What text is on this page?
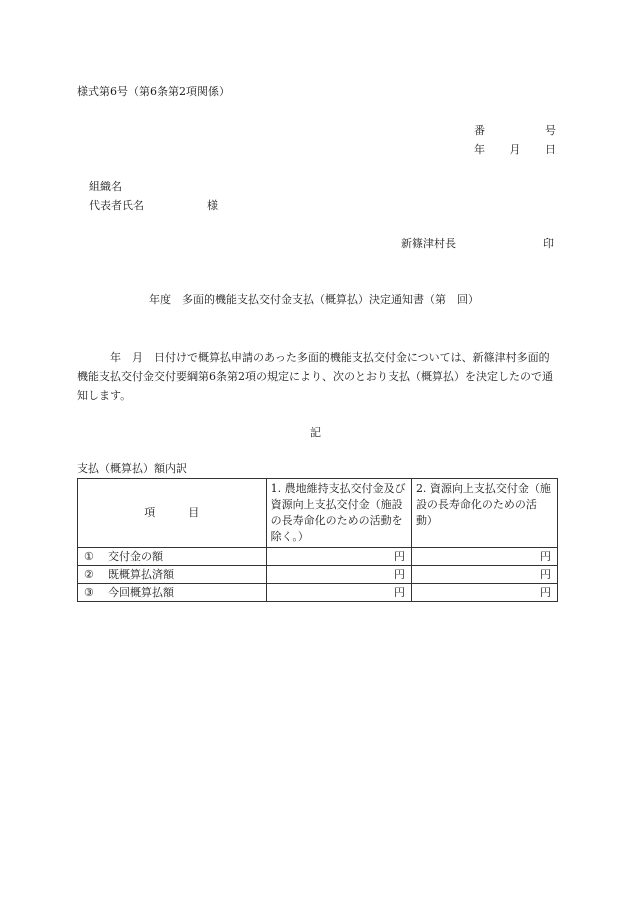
様式第6号（第6条第2項関係）
番	号
年 月 日
組織名
代表者氏名	様
新篠津村長	印
年度　多面的機能支払交付金支払（概算払）決定通知書（第　回）
　　　年　月　日付けで概算払申請のあった多面的機能支払交付金については、新篠津村多面的機能支払交付金交付要綱第6条第2項の規定により、次のとおり支払（概算払）を決定したので通知します。
記
支払（概算払）額内訳
項　　　目	1. 農地維持支払交付金及び資源向上支払交付金（施設の長寿命化のための活動を除く。）	2. 資源向上支払交付金（施設の長寿命化のための活動）
① 交付金の額	円	円
② 既概算払済額	円	円
③ 今回概算払額	円	円
